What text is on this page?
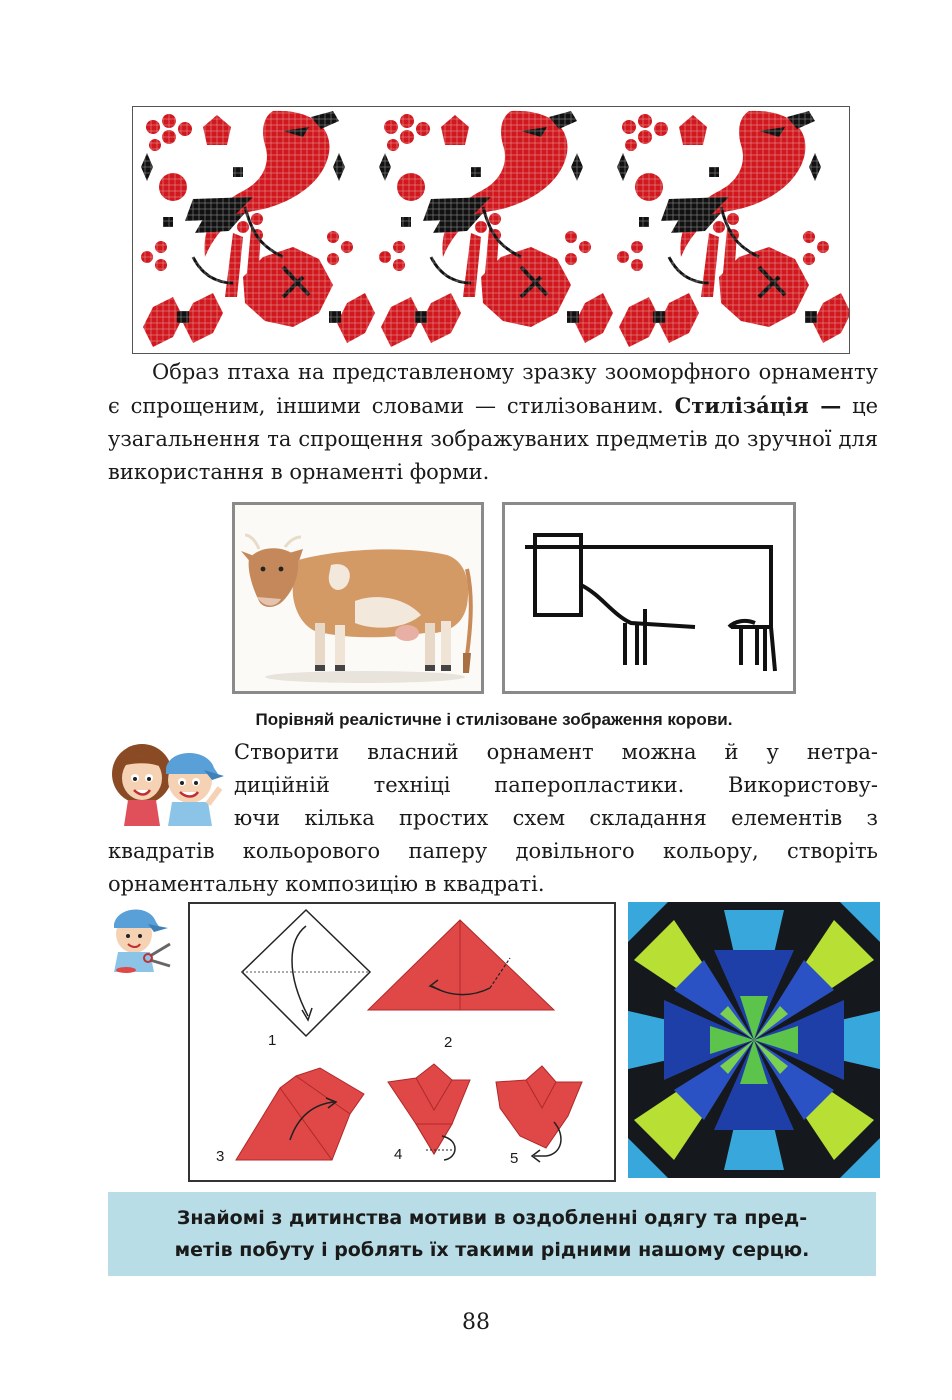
Образ птаха на представленому зразку зооморфного орнаменту є спрощеним, іншими словами — стилізованим. Стиліза́ція — це узагальнення та спрощення зображуваних предметів до зручної для використання в орнаменті форми.

Порівняй реалістичне і стилізоване зображення корови.

Створити власний орнамент можна й у нетра-

диційній техніці паперопластики. Використову-

ючи кілька простих схем складання елементів з

квадратів кольорового паперу довільного кольору, створіть

орнаментальну композицію в квадраті.

1	2
3	4	5

Знайомі з дитинства мотиви в оздобленні одягу та пред-
метів побуту і роблять їх такими рідними нашому серцю.

88
